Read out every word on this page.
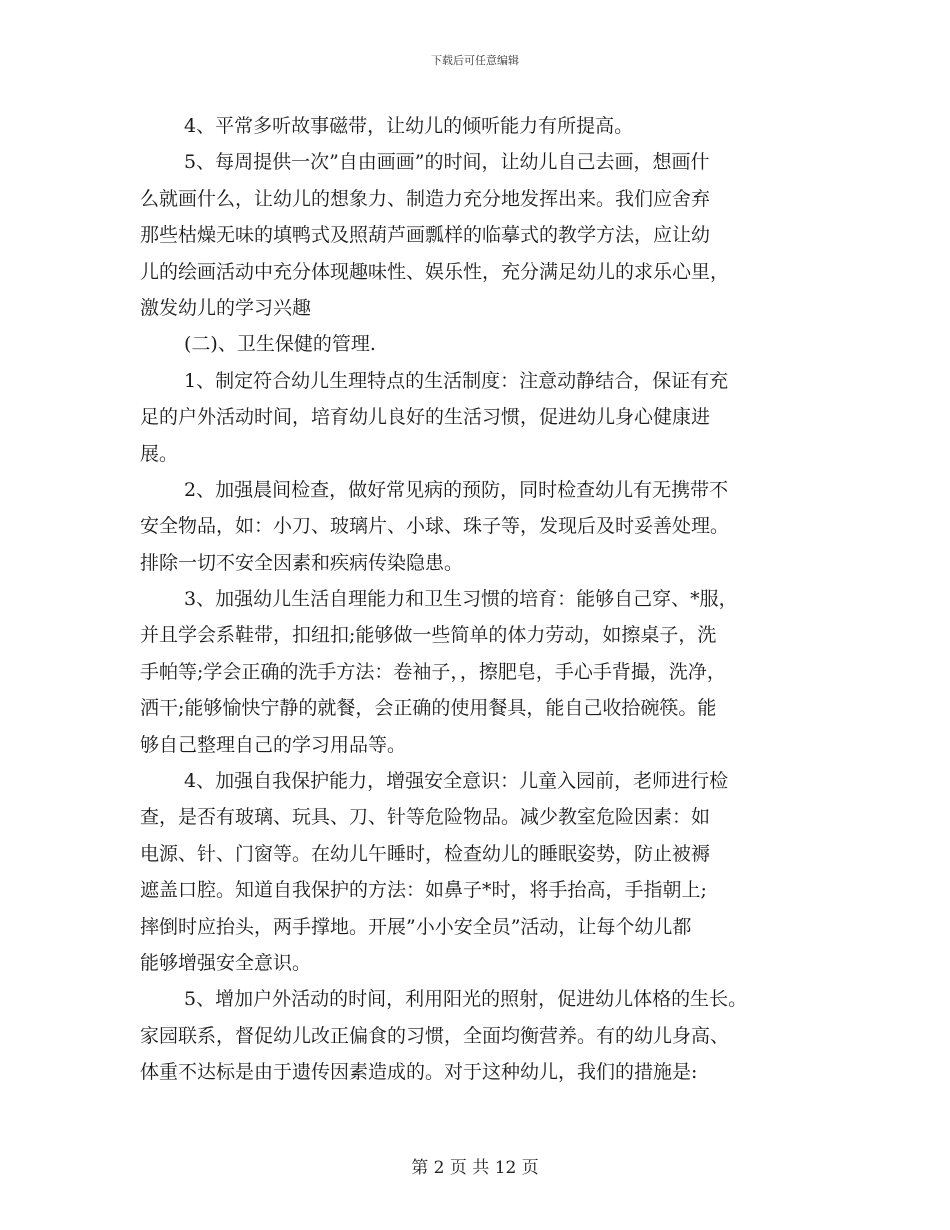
下载后可任意编辑
4、平常多听故事磁带，让幼儿的倾听能力有所提高。
5、每周提供一次”自由画画”的时间，让幼儿自己去画，想画什
么就画什么，让幼儿的想象力、制造力充分地发挥出来。我们应舍弃
那些枯燥无味的填鸭式及照葫芦画瓢样的临摹式的教学方法，应让幼
儿的绘画活动中充分体现趣味性、娱乐性，充分满足幼儿的求乐心里，
激发幼儿的学习兴趣
(二)、卫生保健的管理.
1、制定符合幼儿生理特点的生活制度：注意动静结合，保证有充
足的户外活动时间，培育幼儿良好的生活习惯，促进幼儿身心健康进
展。
2、加强晨间检查，做好常见病的预防，同时检查幼儿有无携带不
安全物品，如：小刀、玻璃片、小球、珠子等，发现后及时妥善处理。
排除一切不安全因素和疾病传染隐患。
3、加强幼儿生活自理能力和卫生习惯的培育：能够自己穿、*服，
并且学会系鞋带，扣纽扣;能够做一些简单的体力劳动，如擦桌子，洗
手帕等;学会正确的洗手方法：卷袖子，，擦肥皂，手心手背撮，洗净，
洒干;能够愉快宁静的就餐，会正确的使用餐具，能自己收拾碗筷。能
够自己整理自己的学习用品等。
4、加强自我保护能力，增强安全意识：儿童入园前，老师进行检
查，是否有玻璃、玩具、刀、针等危险物品。减少教室危险因素：如
电源、针、门窗等。在幼儿午睡时，检查幼儿的睡眠姿势，防止被褥
遮盖口腔。知道自我保护的方法：如鼻子*时，将手抬高，手指朝上;
摔倒时应抬头，两手撑地。开展”小小安全员”活动，让每个幼儿都
能够增强安全意识。
5、增加户外活动的时间，利用阳光的照射，促进幼儿体格的生长。
家园联系，督促幼儿改正偏食的习惯，全面均衡营养。有的幼儿身高、
体重不达标是由于遗传因素造成的。对于这种幼儿，我们的措施是:
第 2 页 共 12 页
